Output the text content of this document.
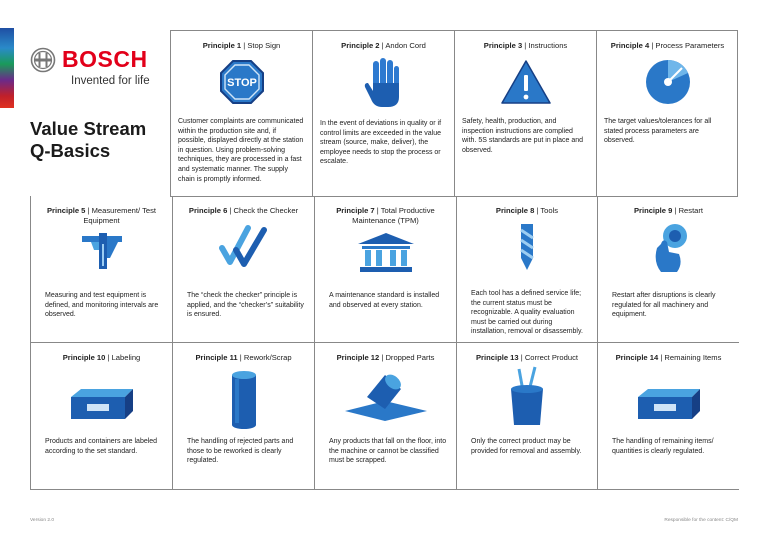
BOSCH
Invented for life
Value Stream
Q-Basics
Principle 1 | Stop Sign
STOP
Customer complaints are communicated within the production site and, if possible, displayed directly at the station in question. Using problem-solving techniques, they are processed in a fast and systematic manner. The supply chain is promptly informed.
Principle 2 | Andon Cord
In the event of deviations in quality or if control limits are exceeded in the value stream (source, make, deliver), the employee needs to stop the process or escalate.
Principle 3 | Instructions
Safety, health, production, and inspection instructions are complied with. 5S standards are put in place and observed.
Principle 4 | Process Parameters
The target values/tolerances for all stated process parameters are observed.
Principle 5 | Measurement/ Test Equipment
Measuring and test equipment is defined, and monitoring intervals are observed.
Principle 6 | Check the Checker
The “check the checker” principle is applied, and the “checker’s” suitability is ensured.
Principle 7 | Total Productive Maintenance (TPM)
A maintenance standard is installed and observed at every station.
Principle 8 | Tools
Each tool has a defined service life; the current status must be recognizable. A quality evaluation must be carried out during installation, removal or disassembly.
Principle 9 | Restart
Restart after disruptions is clearly regulated for all machinery and equipment.
Principle 10 | Labeling
Products and containers are labeled according to the set standard.
Principle 11 | Rework/Scrap
The handling of rejected parts and those to be reworked is clearly regulated.
Principle 12 | Dropped Parts
Any products that fall on the floor, into the machine or cannot be classified must be scrapped.
Principle 13 | Correct Product
Only the correct product may be provided for removal and assembly.
Principle 14 | Remaining Items
The handling of remaining items/ quantities is clearly regulated.
Version 2.0	Responsible for the content: C/QM
